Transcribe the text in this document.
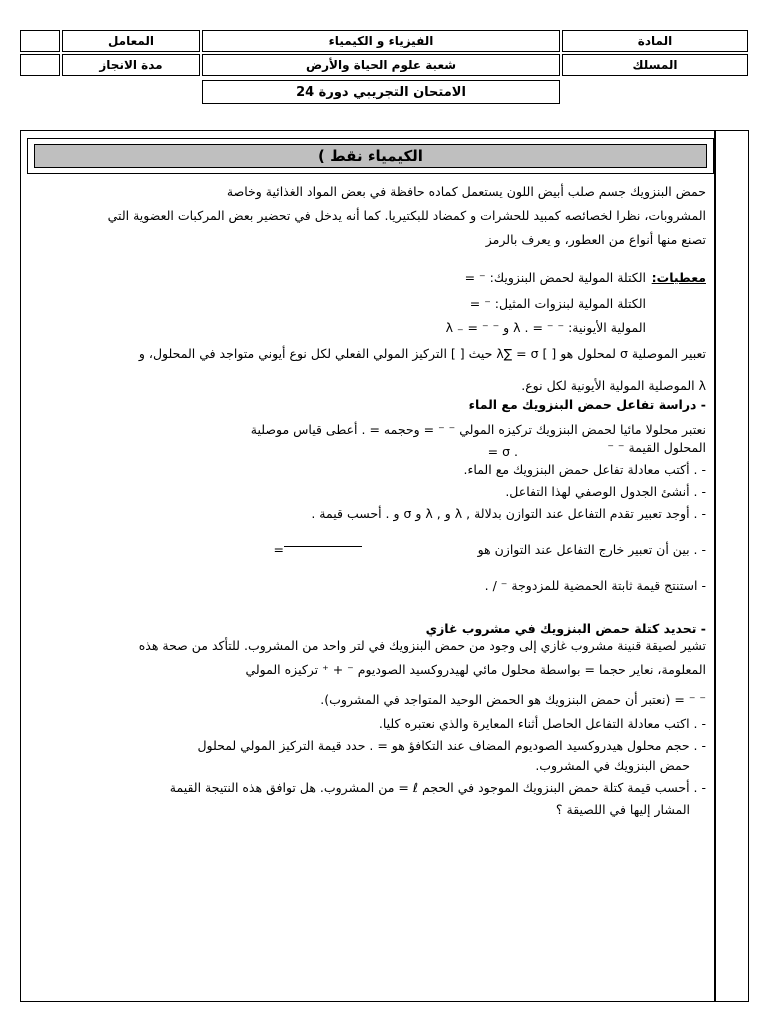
المادة
الفيزياء و الكيمياء
المعامل
المسلك
شعبة علوم الحياة والأرض
مدة الانجاز
الامتحان التجريبي دورة 24
الكيمياء نقط )
حمض البنزويك جسم صلب أبيض اللون يستعمل كماده حافظة في بعض المواد الغذائية وخاصة
المشروبات، نظرا لخصائصه كمبيد للحشرات و كمضاد للبكتيريا. كما أنه يدخل في تحضير بعض المركبات العضوية التي
تصنع منها أنواع من العطور، و يعرف بالرمز
معطيات:
الكتلة المولية لحمض البنزويك: ⁻ =
الكتلة المولية لبنزوات المثيل: ⁻ =
المولية الأيونية: ⁻ ⁻ = . λ و ⁻ ⁻ = ₋ λ
تعبير الموصلية σ لمحلول هو [ ] λ∑ = σ حيث [ ] التركيز المولي الفعلي لكل نوع أيوني متواجد في المحلول، و
λ الموصلية المولية الأيونية لكل نوع.
- دراسة تفاعل حمض البنزويك مع الماء
نعتبر محلولا مائيا لحمض البنزويك تركيزه المولي ⁻ ⁻ = وحجمه = . أعطى قياس موصلية
المحلول القيمة ⁻ ⁻
. σ =
- . أكتب معادلة تفاعل حمض البنزويك مع الماء.
- . أنشئ الجدول الوصفي لهذا التفاعل.
- . أوجد تعبير تقدم التفاعل عند التوازن بدلالة , λ و , λ و σ و . أحسب قيمة .
- . بين أن تعبير خارج التفاعل عند التوازن هو
=
- استنتج قيمة ثابتة الحمضية للمزدوجة ⁻ / .
- تحديد كتلة حمض البنزويك في مشروب غازي
تشير لصيقة قنينة مشروب غازي إلى وجود من حمض البنزويك في لتر واحد من المشروب. للتأكد من صحة هذه
المعلومة، نعاير حجما = بواسطة محلول مائي لهيدروكسيد الصوديوم ⁻ + ⁺ تركيزه المولي
⁻ ⁻ = (نعتبر أن حمض البنزويك هو الحمض الوحيد المتواجد في المشروب).
- . اكتب معادلة التفاعل الحاصل أثناء المعايرة والذي نعتبره كليا.
- . حجم محلول هيدروكسيد الصوديوم المضاف عند التكافؤ هو = . حدد قيمة التركيز المولي لمحلول
حمض البنزويك في المشروب.
- . أحسب قيمة كتلة حمض البنزويك الموجود في الحجم ℓ = من المشروب. هل توافق هذه النتيجة القيمة
المشار إليها في اللصيقة ؟
